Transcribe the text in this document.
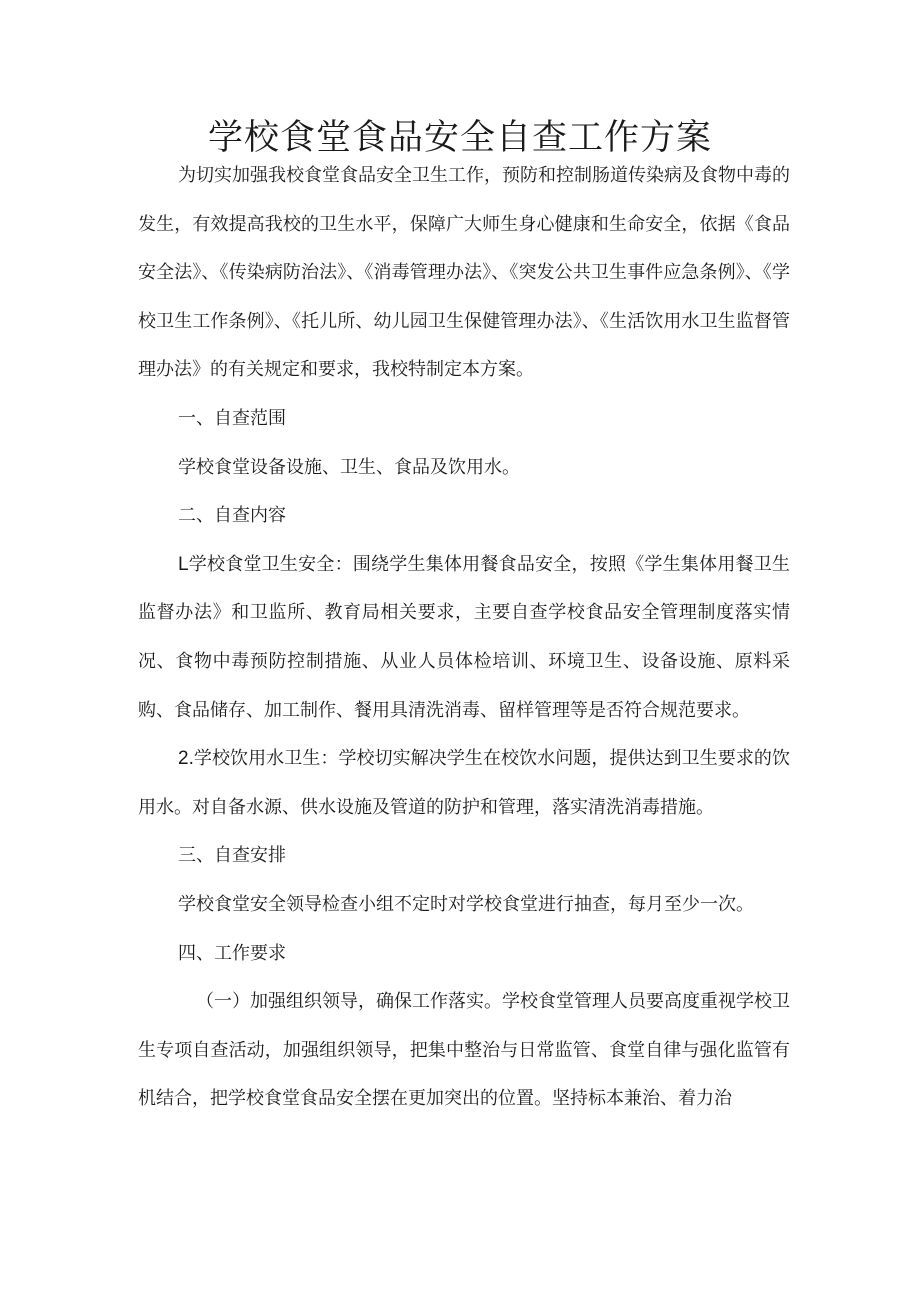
学校食堂食品安全自查工作方案

为切实加强我校食堂食品安全卫生工作，预防和控制肠道传染病及食物中毒的发生，有效提高我校的卫生水平，保障广大师生身心健康和生命安全，依据《食品安全法》、《传染病防治法》、《消毒管理办法》、《突发公共卫生事件应急条例》、《学校卫生工作条例》、《托儿所、幼儿园卫生保健管理办法》、《生活饮用水卫生监督管理办法》的有关规定和要求，我校特制定本方案。

一、自查范围

学校食堂设备设施、卫生、食品及饮用水。

二、自查内容

L学校食堂卫生安全：围绕学生集体用餐食品安全，按照《学生集体用餐卫生监督办法》和卫监所、教育局相关要求，主要自查学校食品安全管理制度落实情况、食物中毒预防控制措施、从业人员体检培训、环境卫生、设备设施、原料采购、食品储存、加工制作、餐用具清洗消毒、留样管理等是否符合规范要求。

2.学校饮用水卫生：学校切实解决学生在校饮水问题，提供达到卫生要求的饮用水。对自备水源、供水设施及管道的防护和管理，落实清洗消毒措施。

三、自查安排

学校食堂安全领导检查小组不定时对学校食堂进行抽查，每月至少一次。

四、工作要求

（一）加强组织领导，确保工作落实。学校食堂管理人员要高度重视学校卫生专项自查活动，加强组织领导，把集中整治与日常监管、食堂自律与强化监管有机结合，把学校食堂食品安全摆在更加突出的位置。坚持标本兼治、着力治
